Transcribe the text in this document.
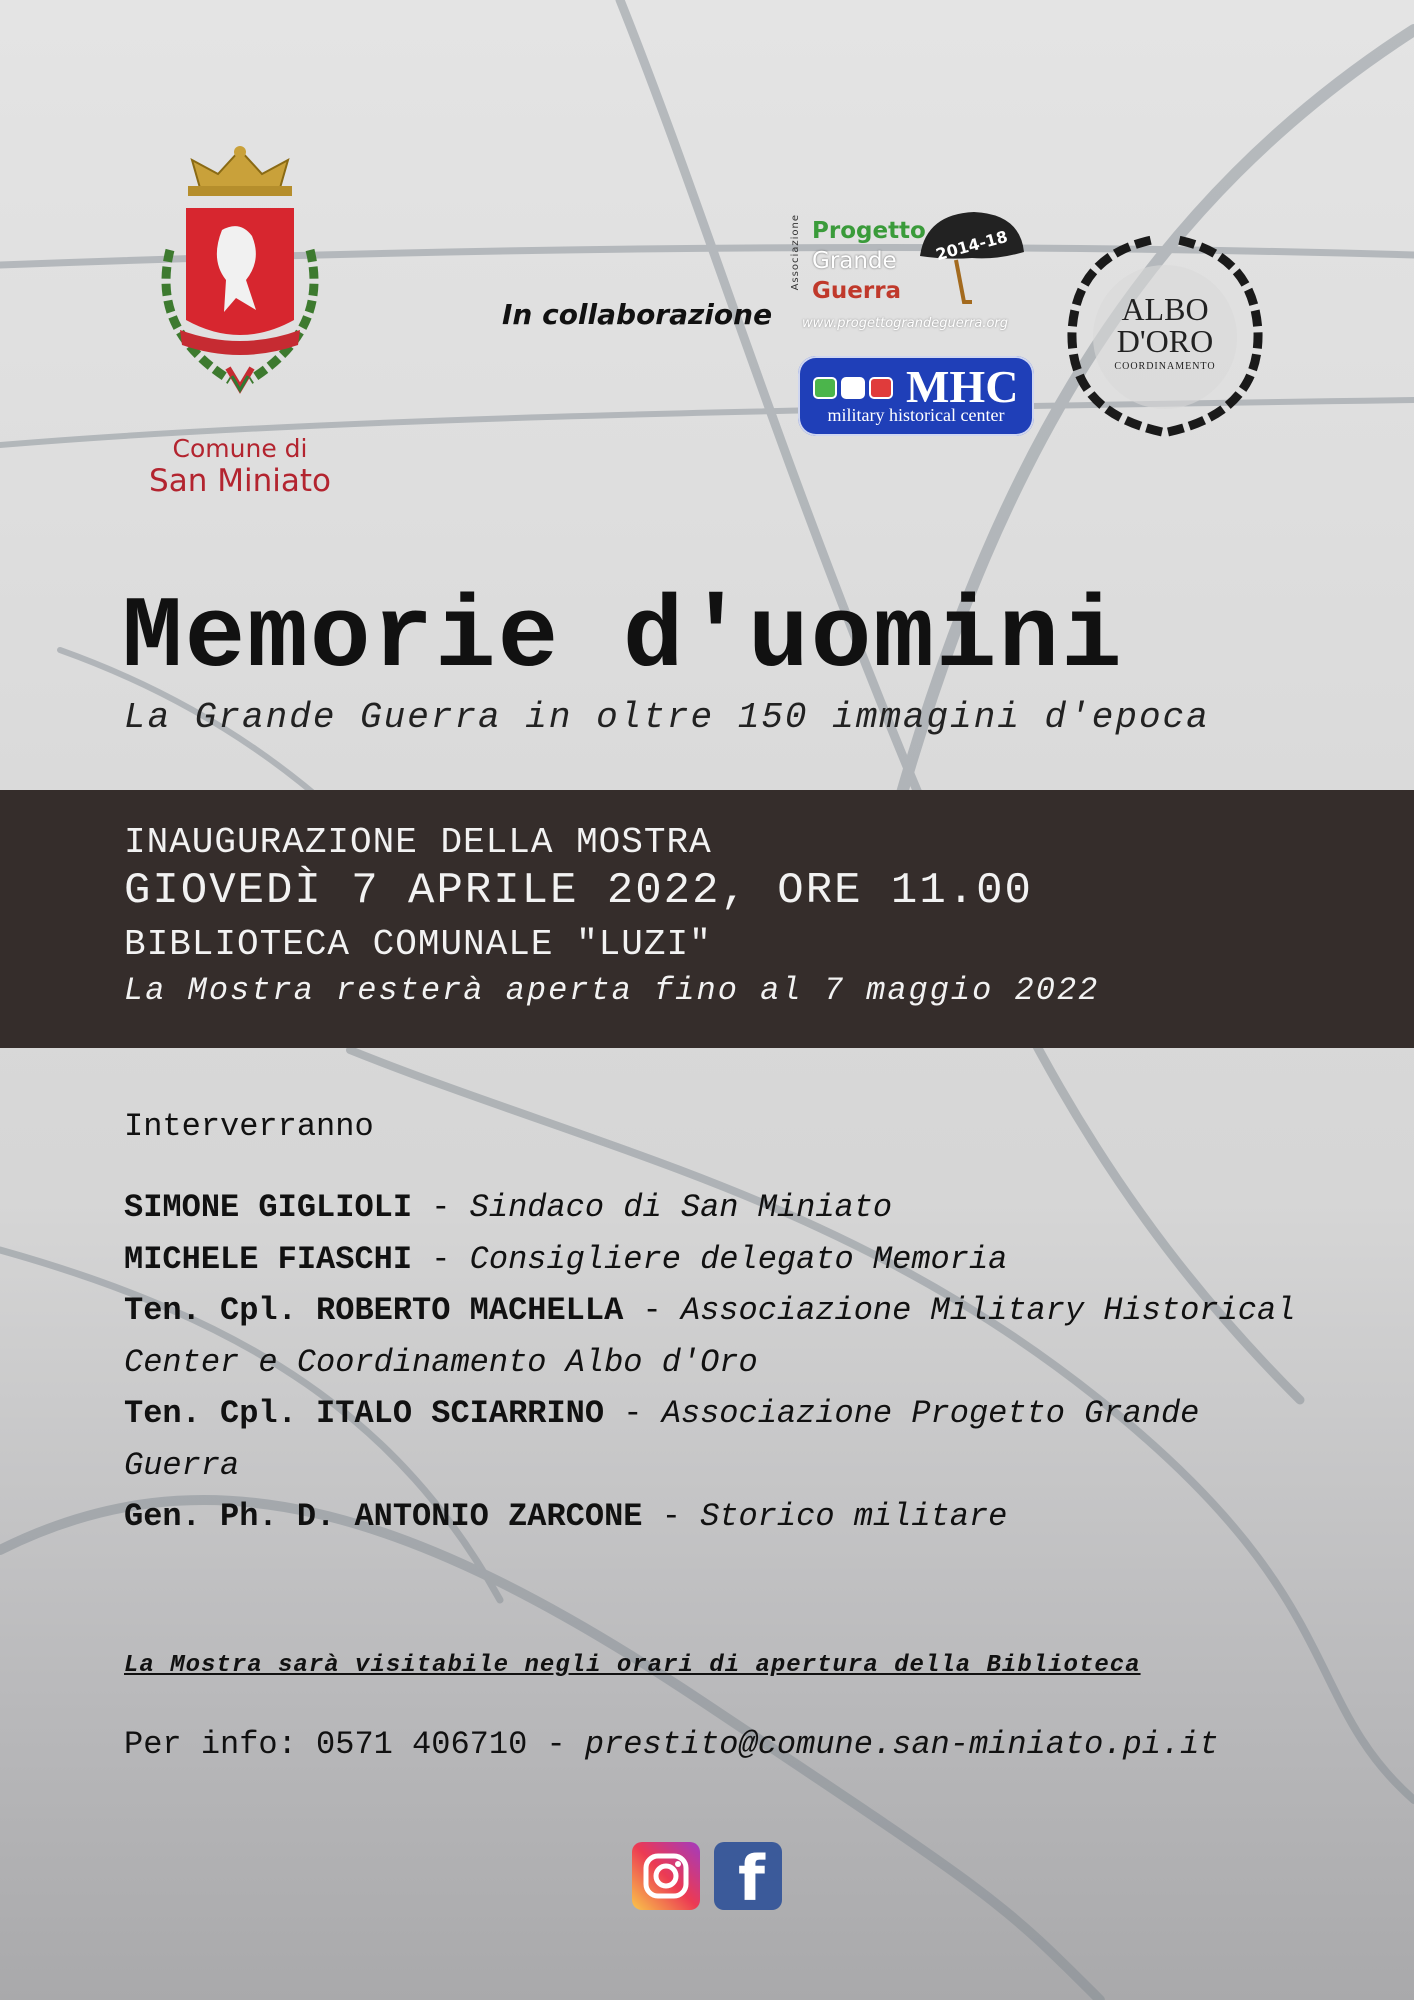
Comune di
San Miniato
In collaborazione
Associazione Progetto
Grande
Guerra
2014-18
www.progettograndeguerra.org
MHC
military historical center
ALBO
D'ORO
COORDINAMENTO
Memorie d'uomini
La Grande Guerra in oltre 150 immagini d'epoca
INAUGURAZIONE DELLA MOSTRA
GIOVEDÌ 7 APRILE 2022, ORE 11.00
BIBLIOTECA COMUNALE "LUZI"
La Mostra resterà aperta fino al 7 maggio 2022
Interverranno
SIMONE GIGLIOLI - Sindaco di San Miniato
MICHELE FIASCHI - Consigliere delegato Memoria
Ten. Cpl. ROBERTO MACHELLA - Associazione Military Historical Center e Coordinamento Albo d'Oro
Ten. Cpl. ITALO SCIARRINO - Associazione Progetto Grande Guerra
Gen. Ph. D. ANTONIO ZARCONE - Storico militare
La Mostra sarà visitabile negli orari di apertura della Biblioteca
Per info: 0571 406710 - prestito@comune.san-miniato.pi.it
f
